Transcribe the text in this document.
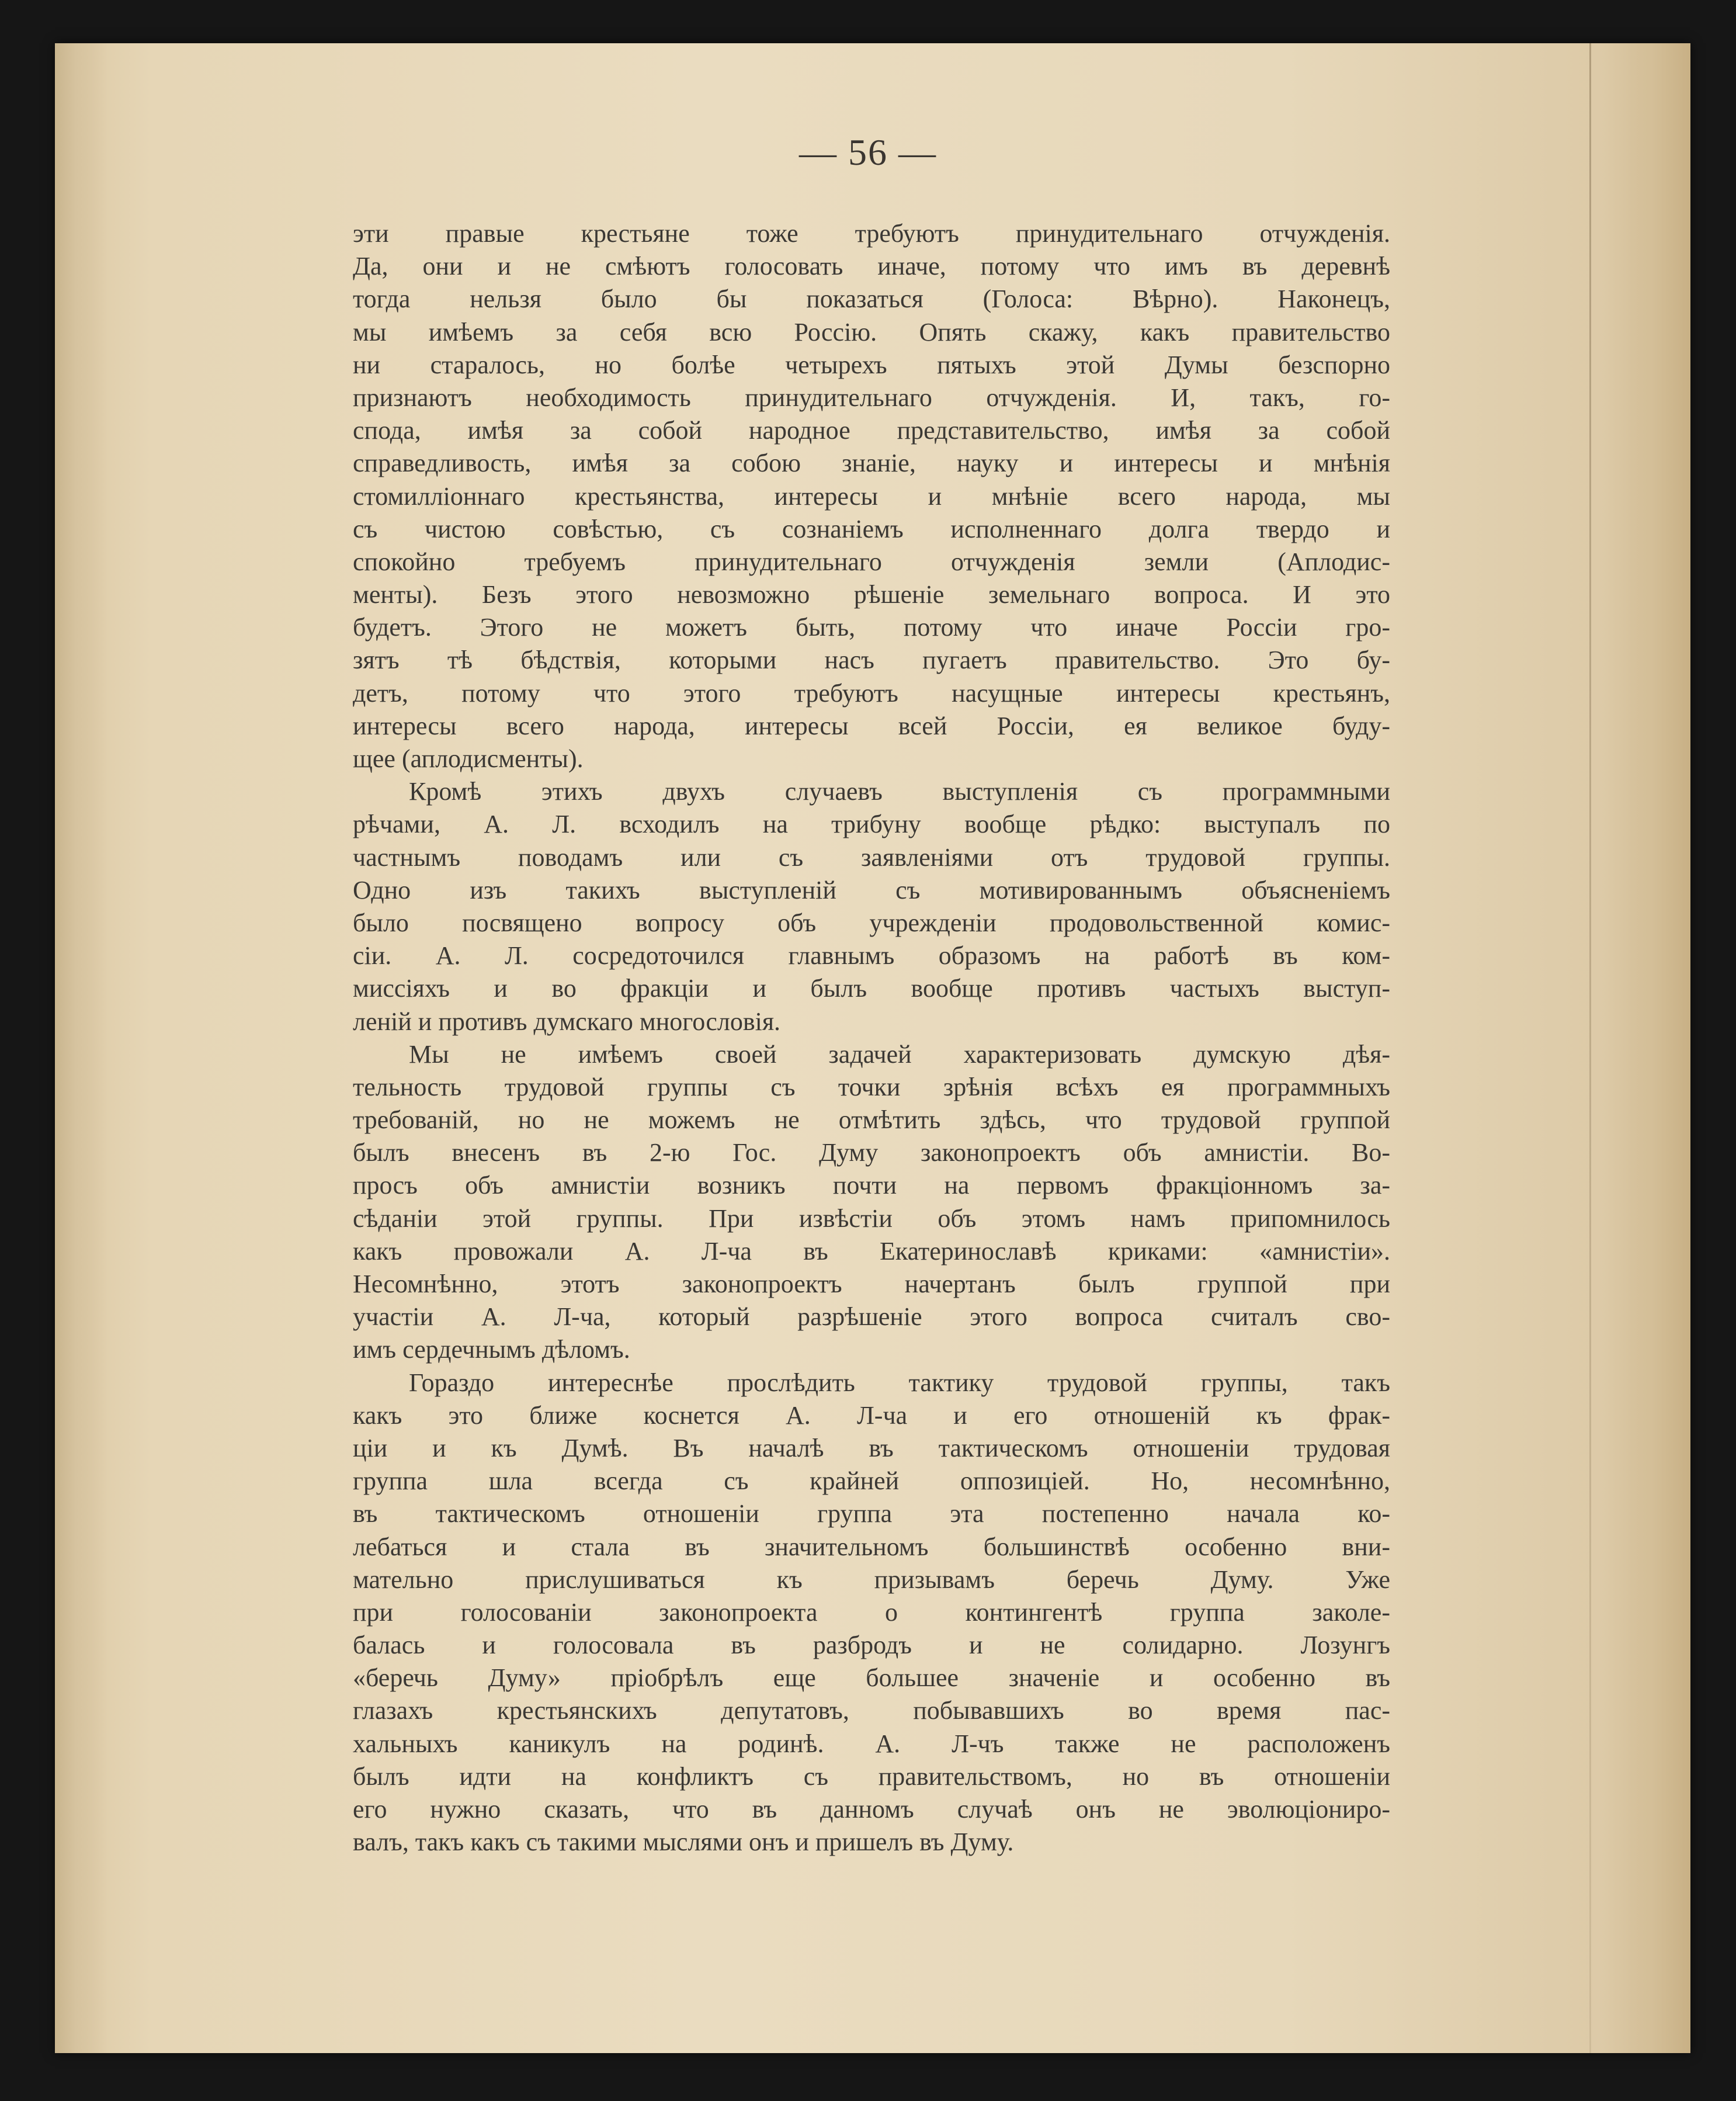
— 56 —
эти правые крестьяне тоже требуютъ принудительнаго отчужденія.
Да, они и не смѣютъ голосовать иначе, потому что имъ въ деревнѣ
тогда нельзя было бы показаться (Голоса: Вѣрно). Наконецъ,
мы имѣемъ за себя всю Россію. Опять скажу, какъ правительство
ни старалось, но болѣе четырехъ пятыхъ этой Думы безспорно
признаютъ необходимость принудительнаго отчужденія. И, такъ, го-
спода, имѣя за собой народное представительство, имѣя за собой
справедливость, имѣя за собою знаніе, науку и интересы и мнѣнія
стомилліоннаго крестьянства, интересы и мнѣніе всего народа, мы
съ чистою совѣстью, съ сознаніемъ исполненнаго долга твердо и
спокойно требуемъ принудительнаго отчужденія земли (Аплодис-
менты). Безъ этого невозможно рѣшеніе земельнаго вопроса. И это
будетъ. Этого не можетъ быть, потому что иначе Россіи гро-
зятъ тѣ бѣдствія, которыми насъ пугаетъ правительство. Это бу-
детъ, потому что этого требуютъ насущные интересы крестьянъ,
интересы всего народа, интересы всей Россіи, ея великое буду-
щее (аплодисменты).
Кромѣ этихъ двухъ случаевъ выступленія съ программными
рѣчами, А. Л. всходилъ на трибуну вообще рѣдко: выступалъ по
частнымъ поводамъ или съ заявленіями отъ трудовой группы.
Одно изъ такихъ выступленій съ мотивированнымъ объясненіемъ
было посвящено вопросу объ учрежденіи продовольственной комис-
сіи. А. Л. сосредоточился главнымъ образомъ на работѣ въ ком-
миссіяхъ и во фракціи и былъ вообще противъ частыхъ выступ-
леній и противъ думскаго многословія.
Мы не имѣемъ своей задачей характеризовать думскую дѣя-
тельность трудовой группы съ точки зрѣнія всѣхъ ея программныхъ
требованій, но не можемъ не отмѣтить здѣсь, что трудовой группой
былъ внесенъ въ 2-ю Гос. Думу законопроектъ объ амнистіи. Во-
просъ объ амнистіи возникъ почти на первомъ фракціонномъ за-
сѣданіи этой группы. При извѣстіи объ этомъ намъ припомнилось
какъ провожали А. Л-ча въ Екатеринославѣ криками: «амнистіи».
Несомнѣнно, этотъ законопроектъ начертанъ былъ группой при
участіи А. Л-ча, который разрѣшеніе этого вопроса считалъ сво-
имъ сердечнымъ дѣломъ.
Гораздо интереснѣе прослѣдить тактику трудовой группы, такъ
какъ это ближе коснется А. Л-ча и его отношеній къ фрак-
ціи и къ Думѣ. Въ началѣ въ тактическомъ отношеніи трудовая
группа шла всегда съ крайней оппозиціей. Но, несомнѣнно,
въ тактическомъ отношеніи группа эта постепенно начала ко-
лебаться и стала въ значительномъ большинствѣ особенно вни-
мательно прислушиваться къ призывамъ беречь Думу. Уже
при голосованіи законопроекта о контингентѣ группа заколе-
балась и голосовала въ разбродъ и не солидарно. Лозунгъ
«беречь Думу» пріобрѣлъ еще большее значеніе и особенно въ
глазахъ крестьянскихъ депутатовъ, побывавшихъ во время пас-
хальныхъ каникулъ на родинѣ. А. Л-чъ также не расположенъ
былъ идти на конфликтъ съ правительствомъ, но въ отношеніи
его нужно сказать, что въ данномъ случаѣ онъ не эволюціониро-
валъ, такъ какъ съ такими мыслями онъ и пришелъ въ Думу.
